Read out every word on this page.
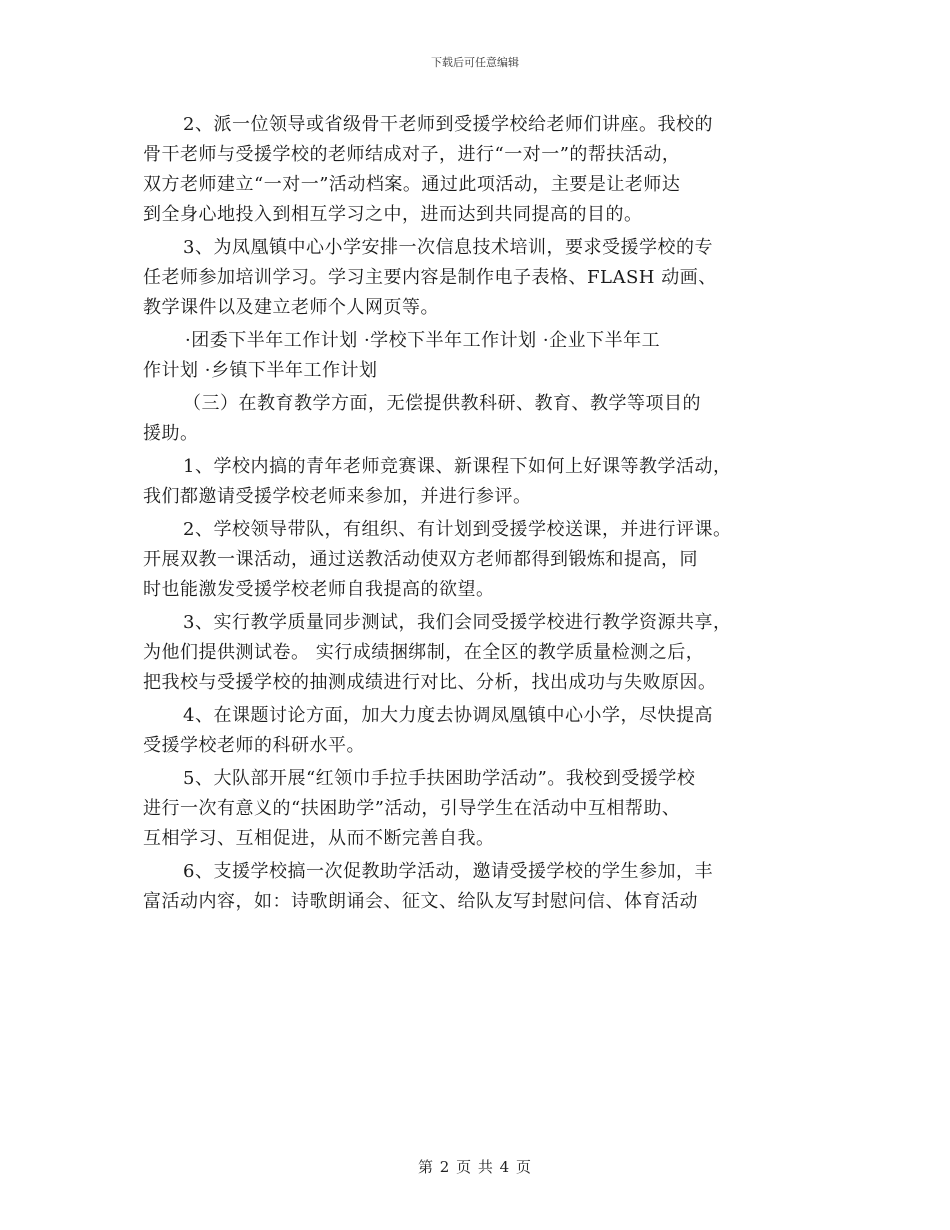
下载后可任意编辑
2、派一位领导或省级骨干老师到受援学校给老师们讲座。我校的
骨干老师与受援学校的老师结成对子，进行“一对一”的帮扶活动，
双方老师建立“一对一”活动档案。通过此项活动，主要是让老师达
到全身心地投入到相互学习之中，进而达到共同提高的目的。
3、为凤凰镇中心小学安排一次信息技术培训，要求受援学校的专
任老师参加培训学习。学习主要内容是制作电子表格、FLASH 动画、
教学课件以及建立老师个人网页等。
·团委下半年工作计划 ·学校下半年工作计划 ·企业下半年工
作计划 ·乡镇下半年工作计划
（三）在教育教学方面，无偿提供教科研、教育、教学等项目的
援助。
1、学校内搞的青年老师竞赛课、新课程下如何上好课等教学活动，
我们都邀请受援学校老师来参加，并进行参评。
2、学校领导带队，有组织、有计划到受援学校送课，并进行评课。
开展双教一课活动，通过送教活动使双方老师都得到锻炼和提高，同
时也能激发受援学校老师自我提高的欲望。
3、实行教学质量同步测试，我们会同受援学校进行教学资源共享，
为他们提供测试卷。 实行成绩捆绑制，在全区的教学质量检测之后，
把我校与受援学校的抽测成绩进行对比、分析，找出成功与失败原因。
4、在课题讨论方面，加大力度去协调凤凰镇中心小学，尽快提高
受援学校老师的科研水平。
5、大队部开展“红领巾手拉手扶困助学活动”。我校到受援学校
进行一次有意义的“扶困助学”活动，引导学生在活动中互相帮助、
互相学习、互相促进，从而不断完善自我。
6、支援学校搞一次促教助学活动，邀请受援学校的学生参加，丰
富活动内容，如：诗歌朗诵会、征文、给队友写封慰问信、体育活动
第 2 页 共 4 页
